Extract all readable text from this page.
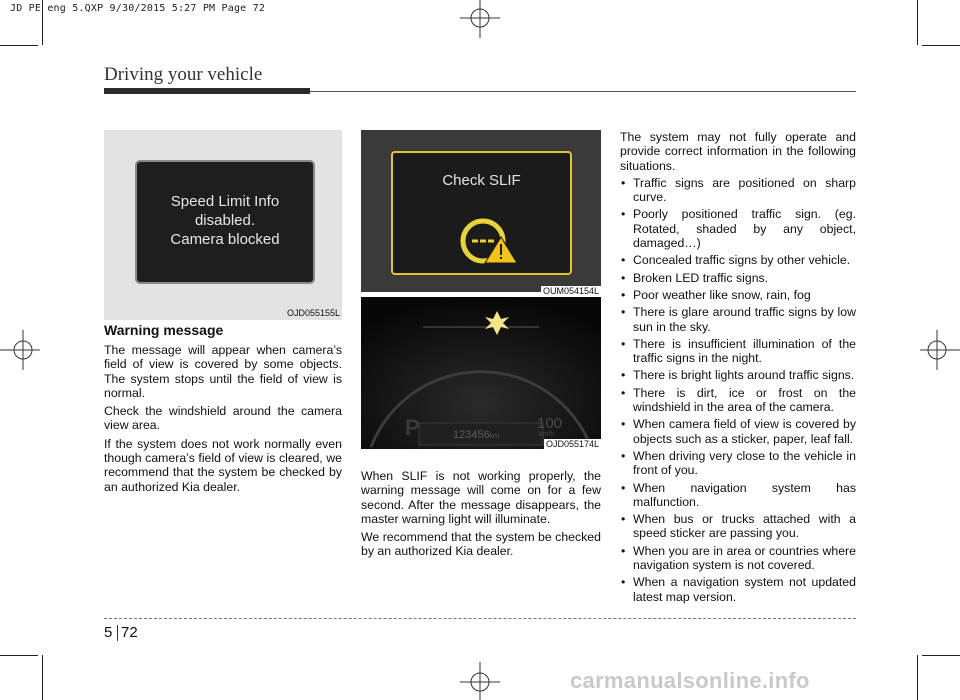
JD PE eng 5.QXP 9/30/2015 5:27 PM Page 72
Driving your vehicle
Speed Limit Info
disabled.
Camera blocked
OJD055155L
Warning message

The message will appear when camera’s field of view is covered by some objects. The system stops until the field of view is normal.

Check the windshield around the camera view area.

If the system does not work normally even though camera’s field of view is cleared, we recommend that the system be checked by an authorized Kia dealer.

Check SLIF
OUM054154L
P	123456km
100
km/h
OJD055174L

When SLIF is not working properly, the warning message will come on for a few second. After the message disappears, the master warning light will illuminate.

We recommend that the system be checked by an authorized Kia dealer.

The system may not fully operate and provide correct information in the following situations.

• Traffic signs are positioned on sharp curve.
• Poorly positioned traffic sign. (eg. Rotated, shaded by any object, damaged…)
• Concealed traffic signs by other vehicle.
• Broken LED traffic signs.
• Poor weather like snow, rain, fog
• There is glare around traffic signs by low sun in the sky.
• There is insufficient illumination of the traffic signs in the night.
• There is bright lights around traffic signs.
• There is dirt, ice or frost on the windshield in the area of the camera.
• When camera field of view is covered by objects such as a sticker, paper, leaf fall.
• When driving very close to the vehicle in front of you.
• When navigation system has malfunction.
• When bus or trucks attached with a speed sticker are passing you.
• When you are in area or countries where navigation system is not covered.
• When a navigation system not updated latest map version.
5 72
carmanualsonline.info
